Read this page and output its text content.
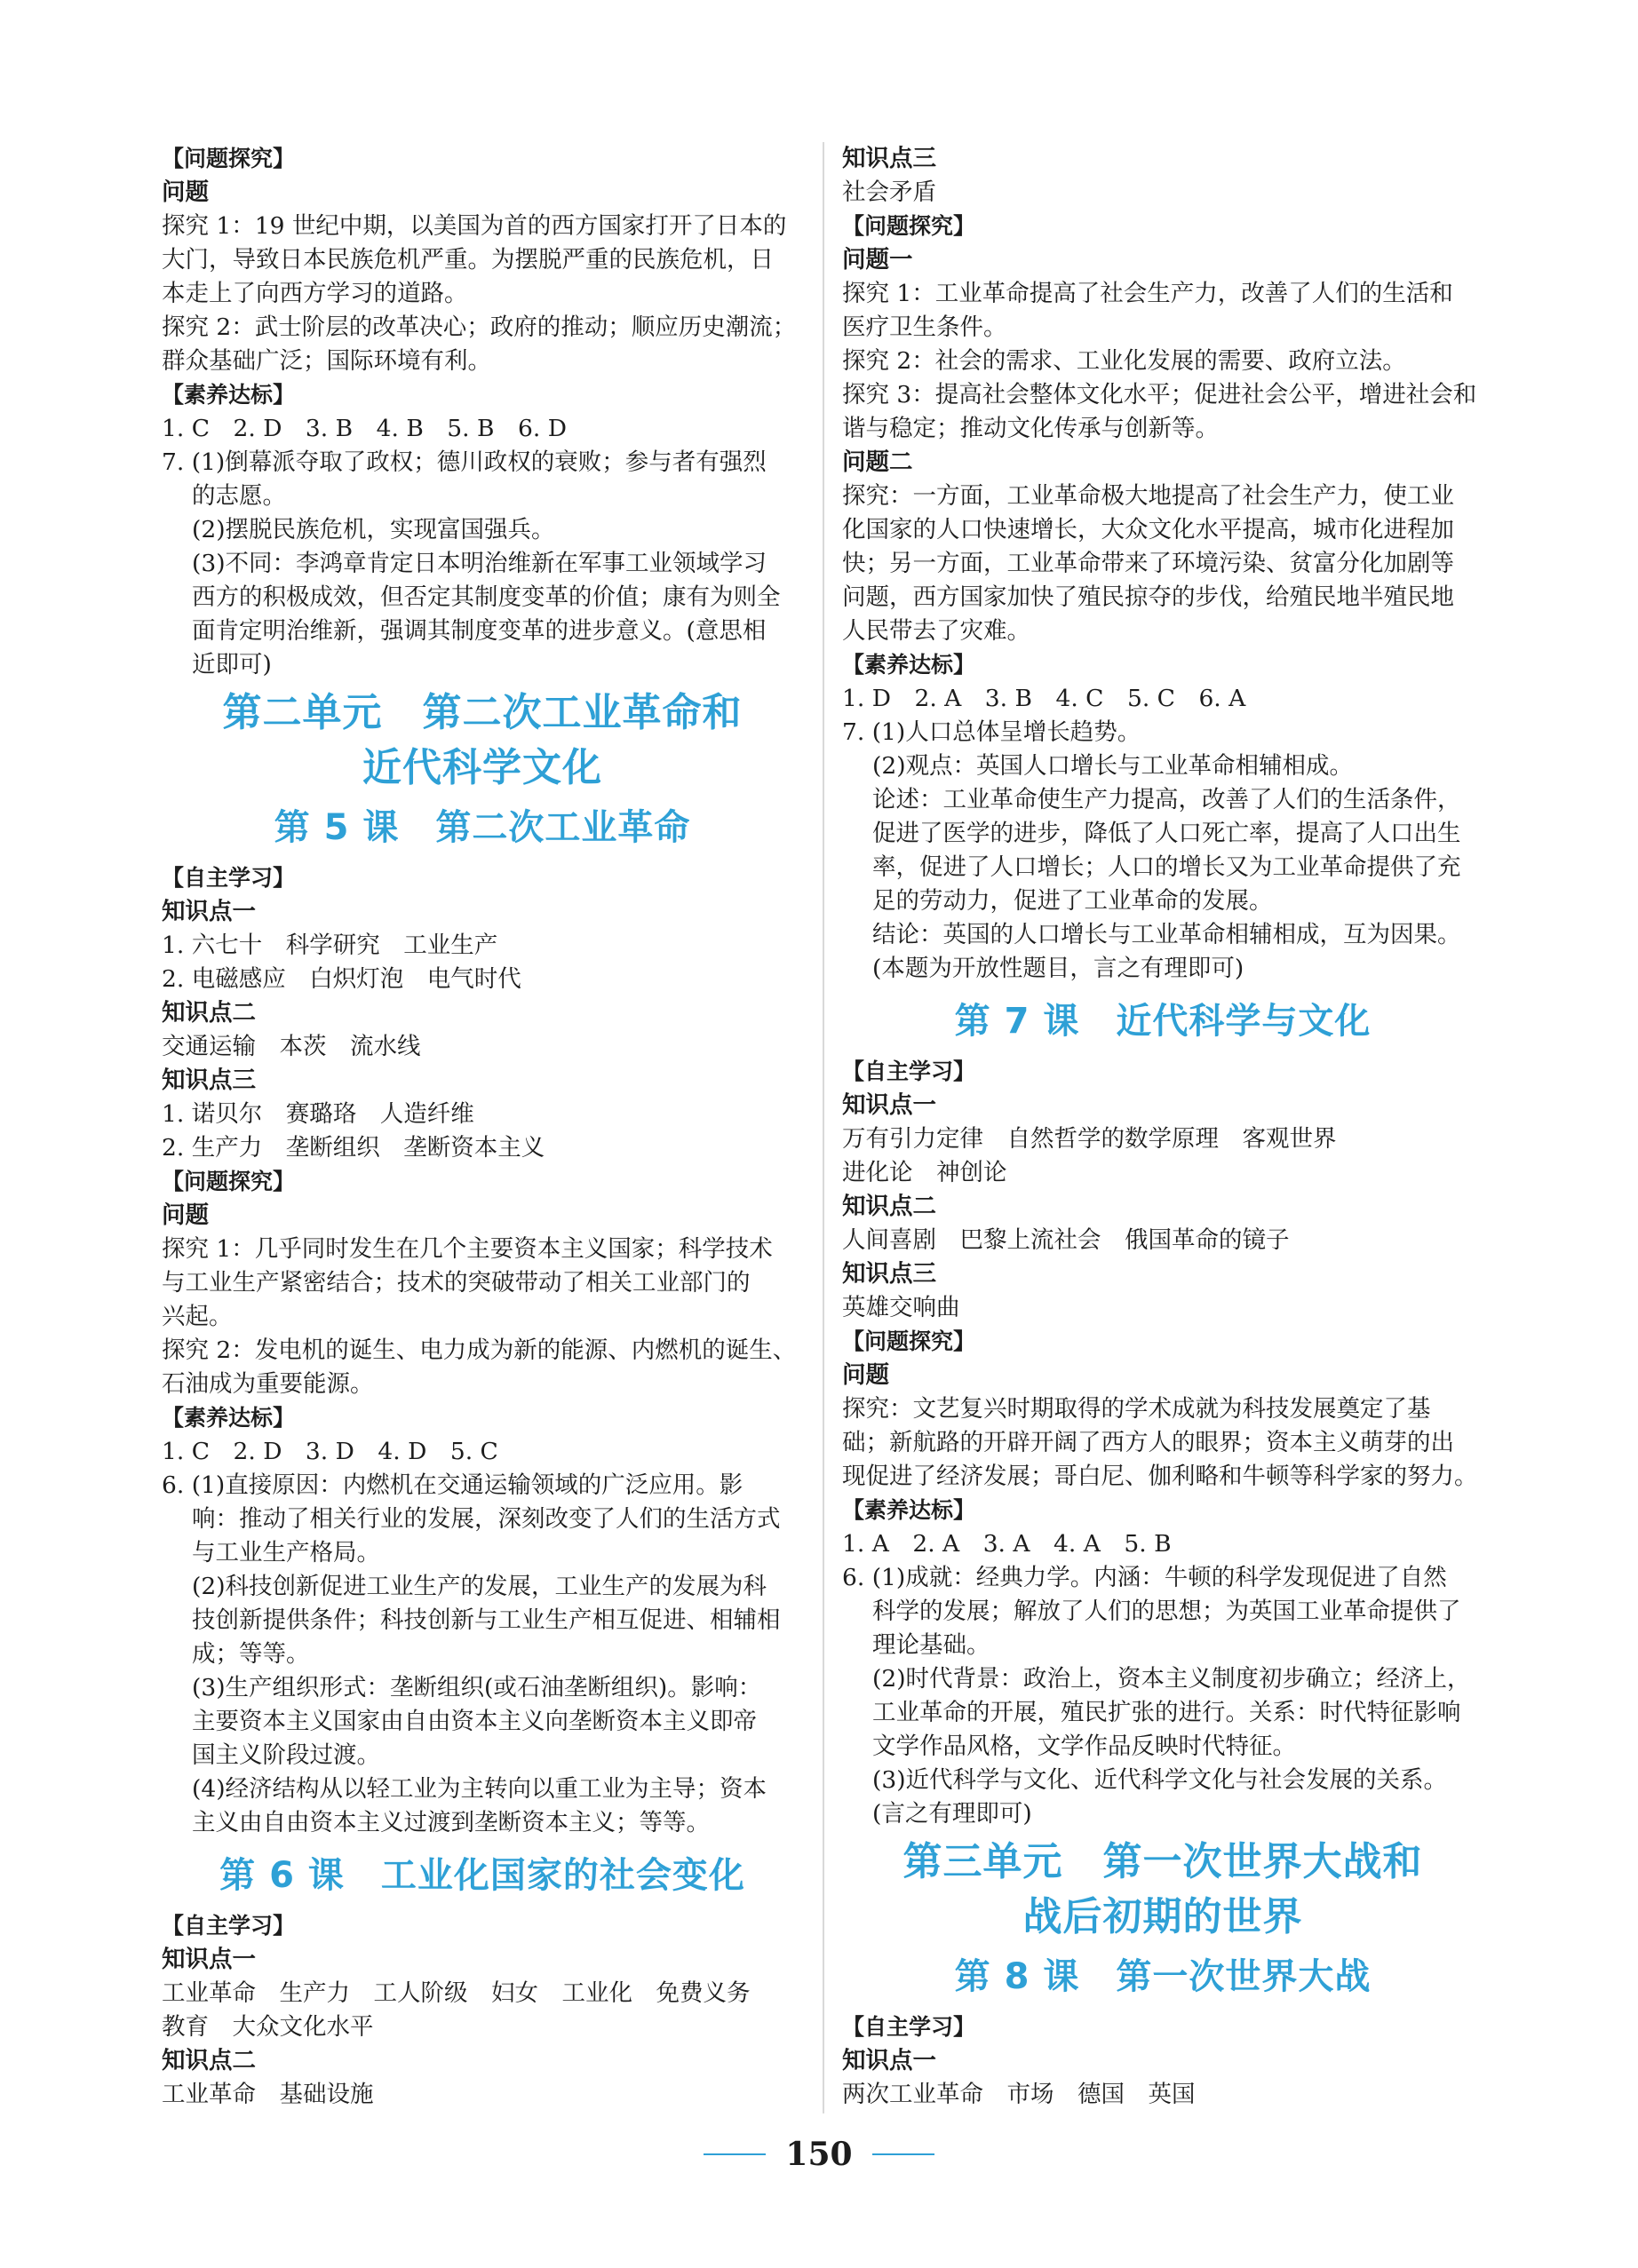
【问题探究】
问题
探究 1：19 世纪中期，以美国为首的西方国家打开了日本的
大门，导致日本民族危机严重。为摆脱严重的民族危机，日
本走上了向西方学习的道路。
探究 2：武士阶层的改革决心；政府的推动；顺应历史潮流；
群众基础广泛；国际环境有利。
【素养达标】
1. C　2. D　3. B　4. B　5. B　6. D
7. (1)倒幕派夺取了政权；德川政权的衰败；参与者有强烈
的志愿。
(2)摆脱民族危机，实现富国强兵。
(3)不同：李鸿章肯定日本明治维新在军事工业领域学习
西方的积极成效，但否定其制度变革的价值；康有为则全
面肯定明治维新，强调其制度变革的进步意义。(意思相
近即可)
第二单元　第二次工业革命和
近代科学文化
第 5 课　第二次工业革命
【自主学习】
知识点一
1. 六七十　科学研究　工业生产
2. 电磁感应　白炽灯泡　电气时代
知识点二
交通运输　本茨　流水线
知识点三
1. 诺贝尔　赛璐珞　人造纤维
2. 生产力　垄断组织　垄断资本主义
【问题探究】
问题
探究 1：几乎同时发生在几个主要资本主义国家；科学技术
与工业生产紧密结合；技术的突破带动了相关工业部门的
兴起。
探究 2：发电机的诞生、电力成为新的能源、内燃机的诞生、
石油成为重要能源。
【素养达标】
1. C　2. D　3. D　4. D　5. C
6. (1)直接原因：内燃机在交通运输领域的广泛应用。影
响：推动了相关行业的发展，深刻改变了人们的生活方式
与工业生产格局。
(2)科技创新促进工业生产的发展，工业生产的发展为科
技创新提供条件；科技创新与工业生产相互促进、相辅相
成；等等。
(3)生产组织形式：垄断组织(或石油垄断组织)。影响：
主要资本主义国家由自由资本主义向垄断资本主义即帝
国主义阶段过渡。
(4)经济结构从以轻工业为主转向以重工业为主导；资本
主义由自由资本主义过渡到垄断资本主义；等等。
第 6 课　工业化国家的社会变化
【自主学习】
知识点一
工业革命　生产力　工人阶级　妇女　工业化　免费义务
教育　大众文化水平
知识点二
工业革命　基础设施
知识点三
社会矛盾
【问题探究】
问题一
探究 1：工业革命提高了社会生产力，改善了人们的生活和
医疗卫生条件。
探究 2：社会的需求、工业化发展的需要、政府立法。
探究 3：提高社会整体文化水平；促进社会公平，增进社会和
谐与稳定；推动文化传承与创新等。
问题二
探究：一方面，工业革命极大地提高了社会生产力，使工业
化国家的人口快速增长，大众文化水平提高，城市化进程加
快；另一方面，工业革命带来了环境污染、贫富分化加剧等
问题，西方国家加快了殖民掠夺的步伐，给殖民地半殖民地
人民带去了灾难。
【素养达标】
1. D　2. A　3. B　4. C　5. C　6. A
7. (1)人口总体呈增长趋势。
(2)观点：英国人口增长与工业革命相辅相成。
论述：工业革命使生产力提高，改善了人们的生活条件，
促进了医学的进步，降低了人口死亡率，提高了人口出生
率，促进了人口增长；人口的增长又为工业革命提供了充
足的劳动力，促进了工业革命的发展。
结论：英国的人口增长与工业革命相辅相成，互为因果。
(本题为开放性题目，言之有理即可)
第 7 课　近代科学与文化
【自主学习】
知识点一
万有引力定律　自然哲学的数学原理　客观世界
进化论　神创论
知识点二
人间喜剧　巴黎上流社会　俄国革命的镜子
知识点三
英雄交响曲
【问题探究】
问题
探究：文艺复兴时期取得的学术成就为科技发展奠定了基
础；新航路的开辟开阔了西方人的眼界；资本主义萌芽的出
现促进了经济发展；哥白尼、伽利略和牛顿等科学家的努力。
【素养达标】
1. A　2. A　3. A　4. A　5. B
6. (1)成就：经典力学。内涵：牛顿的科学发现促进了自然
科学的发展；解放了人们的思想；为英国工业革命提供了
理论基础。
(2)时代背景：政治上，资本主义制度初步确立；经济上，
工业革命的开展，殖民扩张的进行。关系：时代特征影响
文学作品风格，文学作品反映时代特征。
(3)近代科学与文化、近代科学文化与社会发展的关系。
(言之有理即可)
第三单元　第一次世界大战和
战后初期的世界
第 8 课　第一次世界大战
【自主学习】
知识点一
两次工业革命　市场　德国　英国
150
